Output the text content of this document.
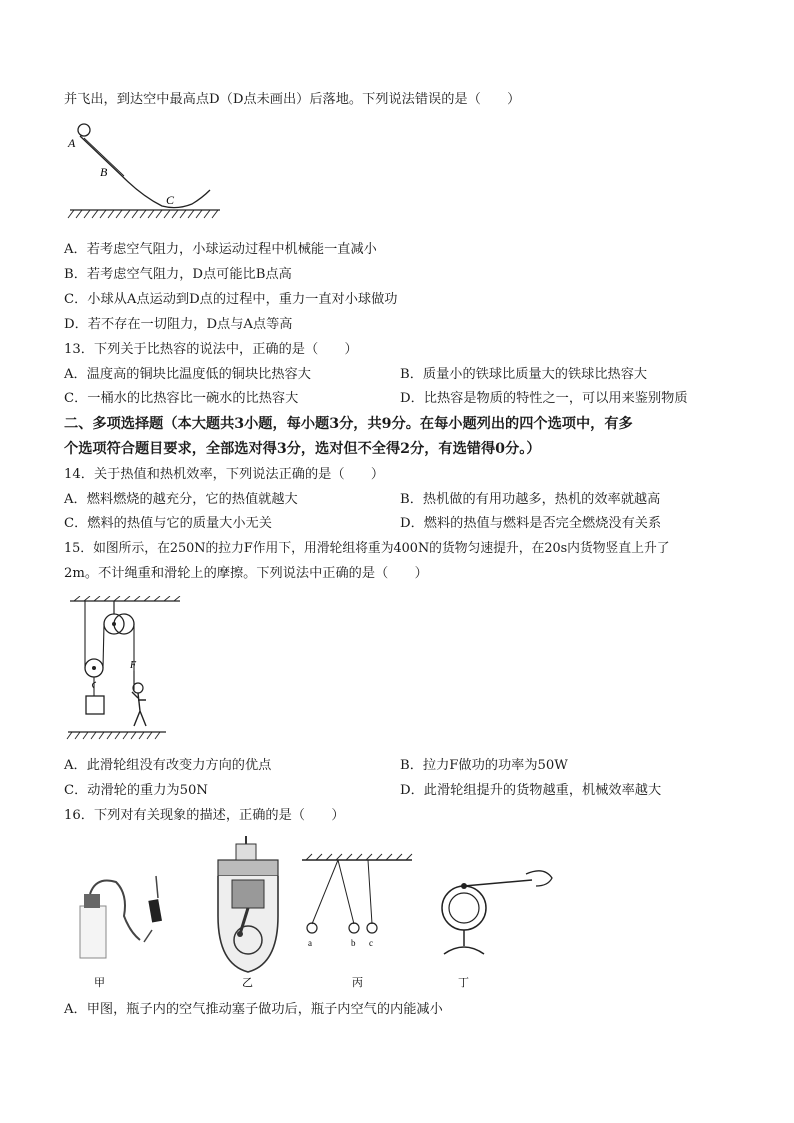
并飞出，到达空中最高点D（D点未画出）后落地。下列说法错误的是（　　）
A
B
C
A．若考虑空气阻力，小球运动过程中机械能一直减小
B．若考虑空气阻力，D点可能比B点高
C．小球从A点运动到D点的过程中，重力一直对小球做功
D．若不存在一切阻力，D点与A点等高
13．下列关于比热容的说法中，正确的是（　　）
A．温度高的铜块比温度低的铜块比热容大	B．质量小的铁球比质量大的铁球比热容大
C．一桶水的比热容比一碗水的比热容大	D．比热容是物质的特性之一，可以用来鉴别物质
二、多项选择题（本大题共3小题，每小题3分，共9分。在每小题列出的四个选项中，有多
个选项符合题目要求，全部选对得3分，选对但不全得2分，有选错得0分。）
14．关于热值和热机效率，下列说法正确的是（　　）
A．燃料燃烧的越充分，它的热值就越大	B．热机做的有用功越多，热机的效率就越高
C．燃料的热值与它的质量大小无关	D．燃料的热值与燃料是否完全燃烧没有关系
15．如图所示，在250N的拉力F作用下，用滑轮组将重为400N的货物匀速提升，在20s内货物竖直上升了
2m。不计绳重和滑轮上的摩擦。下列说法中正确的是（　　）
F
A．此滑轮组没有改变力方向的优点	B．拉力F做功的功率为50W
C．动滑轮的重力为50N	D．此滑轮组提升的货物越重，机械效率越大
16．下列对有关现象的描述，正确的是（　　）
a	b c
甲	乙	丙	丁
A．甲图，瓶子内的空气推动塞子做功后，瓶子内空气的内能减小
